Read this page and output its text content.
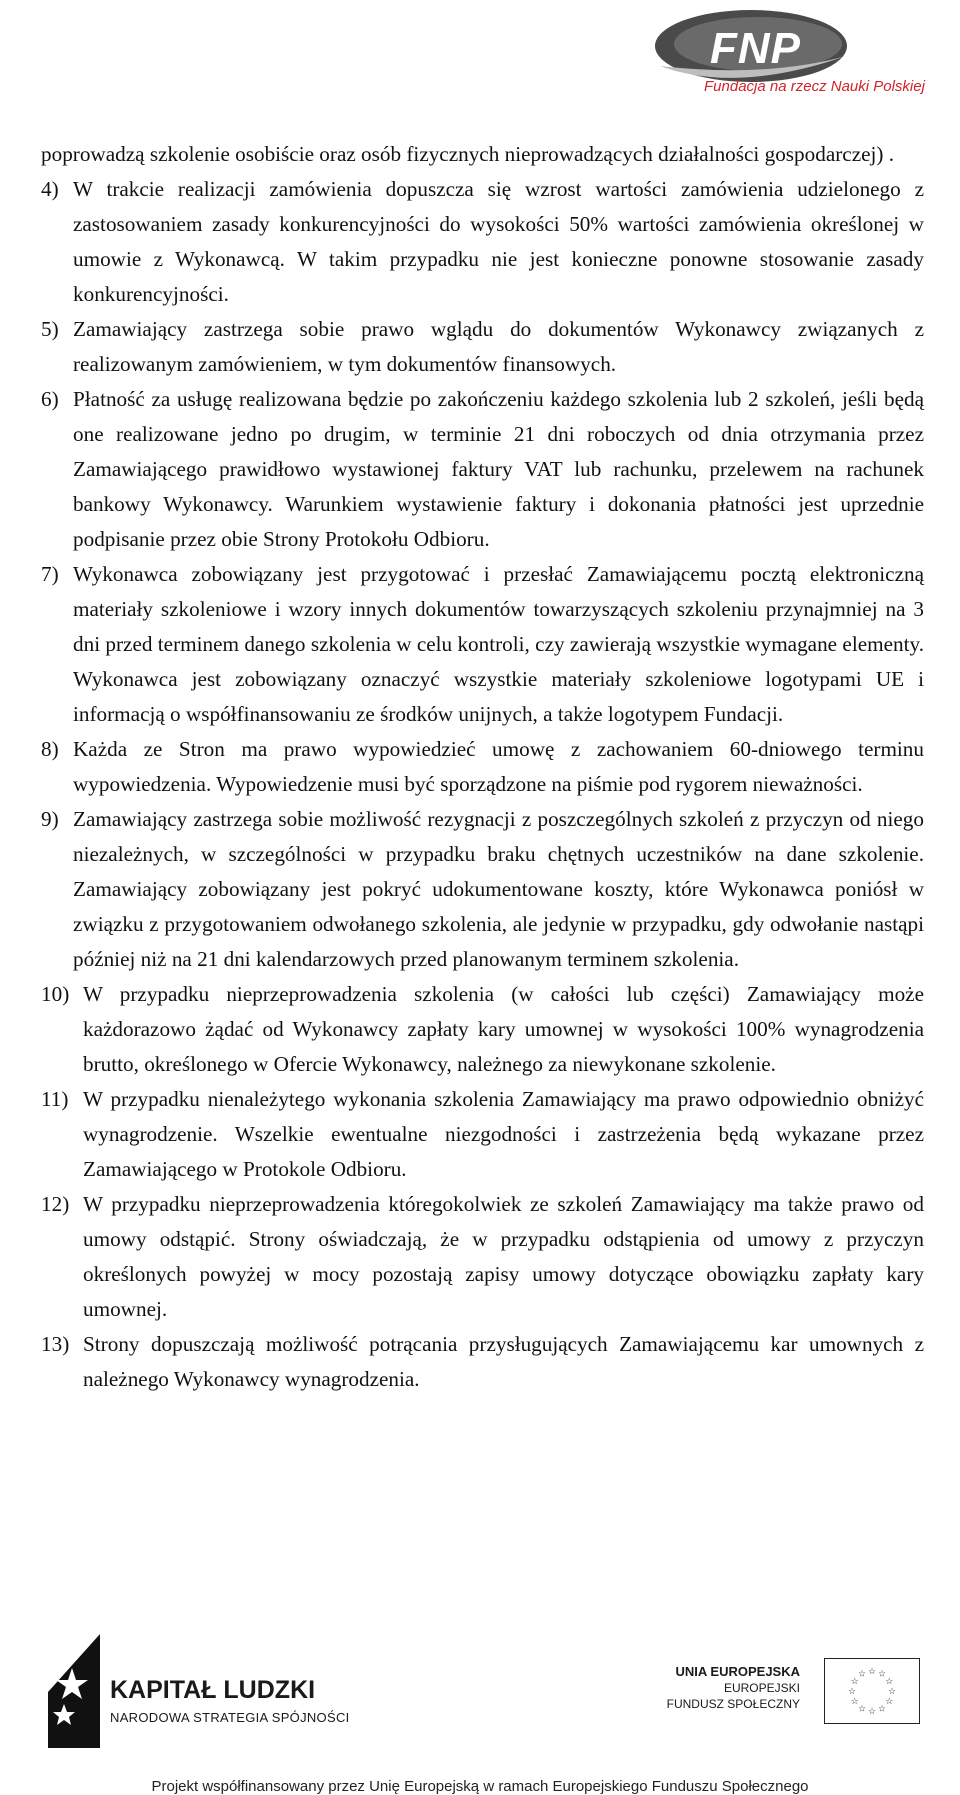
FNP
Fundacja na rzecz Nauki Polskiej

poprowadzą szkolenie osobiście oraz osób fizycznych nieprowadzących działalności gospodarczej) .

4) W trakcie realizacji zamówienia dopuszcza się wzrost wartości zamówienia udzielonego z zastosowaniem zasady konkurencyjności do wysokości 50% wartości zamówienia określonej w umowie z Wykonawcą. W takim przypadku nie jest konieczne ponowne stosowanie zasady konkurencyjności.

5) Zamawiający zastrzega sobie prawo wglądu do dokumentów Wykonawcy związanych z realizowanym zamówieniem, w tym dokumentów finansowych.

6) Płatność za usługę realizowana będzie po zakończeniu każdego szkolenia lub 2 szkoleń, jeśli będą one realizowane jedno po drugim, w terminie 21 dni roboczych od dnia otrzymania przez Zamawiającego prawidłowo wystawionej faktury VAT lub rachunku, przelewem na rachunek bankowy Wykonawcy. Warunkiem wystawienie faktury i dokonania płatności jest uprzednie podpisanie przez obie Strony Protokołu Odbioru.

7) Wykonawca zobowiązany jest przygotować i przesłać Zamawiającemu pocztą elektroniczną materiały szkoleniowe i wzory innych dokumentów towarzyszących szkoleniu przynajmniej na 3 dni przed terminem danego szkolenia w celu kontroli, czy zawierają wszystkie wymagane elementy. Wykonawca jest zobowiązany oznaczyć wszystkie materiały szkoleniowe logotypami UE i informacją o współfinansowaniu ze środków unijnych, a także logotypem Fundacji.

8) Każda ze Stron ma prawo wypowiedzieć umowę z zachowaniem 60-dniowego terminu wypowiedzenia. Wypowiedzenie musi być sporządzone na piśmie pod rygorem nieważności.

9) Zamawiający zastrzega sobie możliwość rezygnacji z poszczególnych szkoleń z przyczyn od niego niezależnych, w szczególności w przypadku braku chętnych uczestników na dane szkolenie. Zamawiający zobowiązany jest pokryć udokumentowane koszty, które Wykonawca poniósł w związku z przygotowaniem odwołanego szkolenia, ale jedynie w przypadku, gdy odwołanie nastąpi później niż na 21 dni kalendarzowych przed planowanym terminem szkolenia.

10) W przypadku nieprzeprowadzenia szkolenia (w całości lub części) Zamawiający może każdorazowo żądać od Wykonawcy zapłaty kary umownej w wysokości 100% wynagrodzenia brutto, określonego w Ofercie Wykonawcy, należnego za niewykonane szkolenie.

11) W przypadku nienależytego wykonania szkolenia Zamawiający ma prawo odpowiednio obniżyć wynagrodzenie. Wszelkie ewentualne niezgodności i zastrzeżenia będą wykazane przez Zamawiającego w Protokole Odbioru.

12) W przypadku nieprzeprowadzenia któregokolwiek ze szkoleń Zamawiający ma także prawo od umowy odstąpić. Strony oświadczają, że w przypadku odstąpienia od umowy z przyczyn określonych powyżej w mocy pozostają zapisy umowy dotyczące obowiązku zapłaty kary umownej.

13) Strony dopuszczają możliwość potrącania przysługujących Zamawiającemu kar umownych z należnego Wykonawcy wynagrodzenia.

KAPITAŁ LUDZKI
NARODOWA STRATEGIA SPÓJNOŚCI
UNIA EUROPEJSKA
EUROPEJSKI
FUNDUSZ SPOŁECZNY
☆ ☆
☆
☆
☆
☆
☆
☆
☆
☆
☆
☆
Projekt współfinansowany przez Unię Europejską w ramach Europejskiego Funduszu Społecznego
